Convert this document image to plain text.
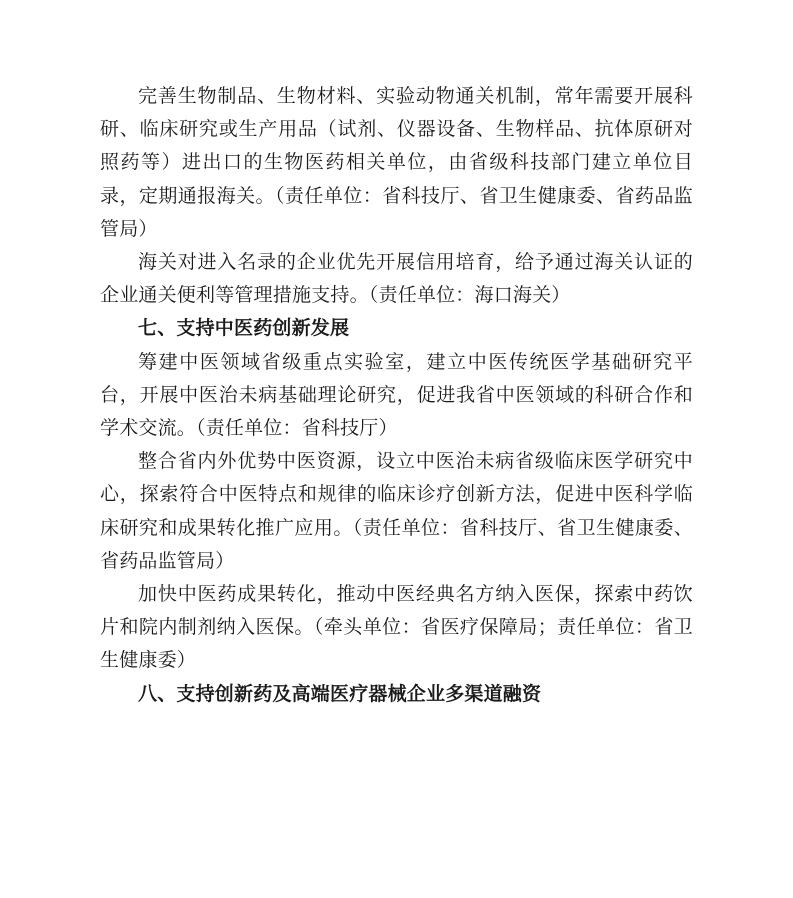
完善生物制品、生物材料、实验动物通关机制，常年需要开展科研、临床研究或生产用品（试剂、仪器设备、生物样品、抗体原研对照药等）进出口的生物医药相关单位，由省级科技部门建立单位目录，定期通报海关。（责任单位：省科技厅、省卫生健康委、省药品监管局）

海关对进入名录的企业优先开展信用培育，给予通过海关认证的企业通关便利等管理措施支持。（责任单位：海口海关）

七、支持中医药创新发展

筹建中医领域省级重点实验室，建立中医传统医学基础研究平台，开展中医治未病基础理论研究，促进我省中医领域的科研合作和学术交流。（责任单位：省科技厅）

整合省内外优势中医资源，设立中医治未病省级临床医学研究中心，探索符合中医特点和规律的临床诊疗创新方法，促进中医科学临床研究和成果转化推广应用。（责任单位：省科技厅、省卫生健康委、省药品监管局）

加快中医药成果转化，推动中医经典名方纳入医保，探索中药饮片和院内制剂纳入医保。（牵头单位：省医疗保障局；责任单位：省卫生健康委）

八、支持创新药及高端医疗器械企业多渠道融资
